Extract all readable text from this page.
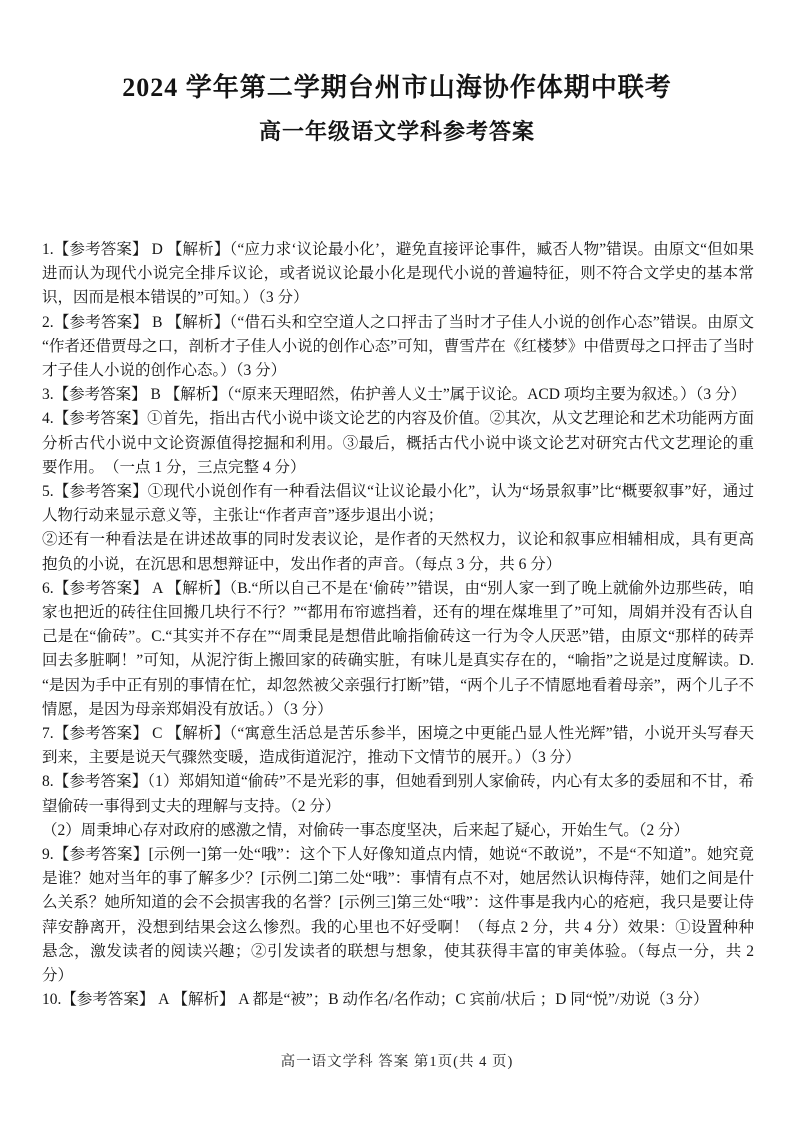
2024 学年第二学期台州市山海协作体期中联考
高一年级语文学科参考答案

1.【参考答案】 D 【解析】（“应力求‘议论最小化’，避免直接评论事件，臧否人物”错误。由原文“但如果进而认为现代小说完全排斥议论，或者说议论最小化是现代小说的普遍特征，则不符合文学史的基本常识，因而是根本错误的”可知。）（3 分）

2.【参考答案】 B 【解析】（“借石头和空空道人之口抨击了当时才子佳人小说的创作心态”错误。由原文“作者还借贾母之口，剖析才子佳人小说的创作心态”可知，曹雪芹在《红楼梦》中借贾母之口抨击了当时才子佳人小说的创作心态。）（3 分）

3.【参考答案】 B 【解析】（“原来天理昭然，佑护善人义士”属于议论。ACD 项均主要为叙述。）（3 分）

4.【参考答案】①首先，指出古代小说中谈文论艺的内容及价值。②其次，从文艺理论和艺术功能两方面分析古代小说中文论资源值得挖掘和利用。③最后，概括古代小说中谈文论艺对研究古代文艺理论的重要作用。　（一点 1 分，三点完整 4 分）

5.【参考答案】①现代小说创作有一种看法倡议“让议论最小化”，认为“场景叙事”比“概要叙事”好，通过人物行动来显示意义等，主张让“作者声音”逐步退出小说；

②还有一种看法是在讲述故事的同时发表议论，是作者的天然权力，议论和叙事应相辅相成，具有更高抱负的小说，在沉思和思想辩证中，发出作者的声音。（每点 3 分，共 6 分）

6.【参考答案】 A 【解析】（B.“所以自己不是在‘偷砖’”错误，由“别人家一到了晚上就偷外边那些砖，咱家也把近的砖往住回搬几块行不行？”“都用布帘遮挡着，还有的埋在煤堆里了”可知，周娟并没有否认自己是在“偷砖”。C.“其实并不存在”“周秉昆是想借此喻指偷砖这一行为令人厌恶”错，由原文“那样的砖弄回去多脏啊！”可知，从泥泞街上搬回家的砖确实脏，有味儿是真实存在的，“喻指”之说是过度解读。D.“是因为手中正有别的事情在忙，却忽然被父亲强行打断”错，“两个儿子不情愿地看着母亲”，两个儿子不情愿，是因为母亲郑娟没有放话。）（3 分）

7.【参考答案】 C 【解析】（“寓意生活总是苦乐参半，困境之中更能凸显人性光辉”错，小说开头写春天到来，主要是说天气骤然变暖，造成街道泥泞，推动下文情节的展开。）（3 分）

8.【参考答案】（1）郑娟知道“偷砖”不是光彩的事，但她看到别人家偷砖，内心有太多的委屈和不甘，希望偷砖一事得到丈夫的理解与支持。（2 分）

（2）周秉坤心存对政府的感激之情，对偷砖一事态度坚决，后来起了疑心，开始生气。（2 分）

9.【参考答案】[示例一]第一处“哦”：这个下人好像知道点内情，她说“不敢说”，不是“不知道”。她究竟是谁？她对当年的事了解多少？[示例二]第二处“哦”：事情有点不对，她居然认识梅侍萍，她们之间是什么关系？她所知道的会不会损害我的名誉？[示例三]第三处“哦”：这件事是我内心的疮疤，我只是要让侍萍安静离开，没想到结果会这么惨烈。我的心里也不好受啊！（每点 2 分，共 4 分）效果：①设置种种悬念，激发读者的阅读兴趣；②引发读者的联想与想象，使其获得丰富的审美体验。（每点一分，共 2 分）

10.【参考答案】 A 【解析】 A 都是“被”；B 动作名/名作动；C 宾前/状后 ；D 同“悦”/劝说（3 分）

高一语文学科 答案 第1页(共 4 页)
